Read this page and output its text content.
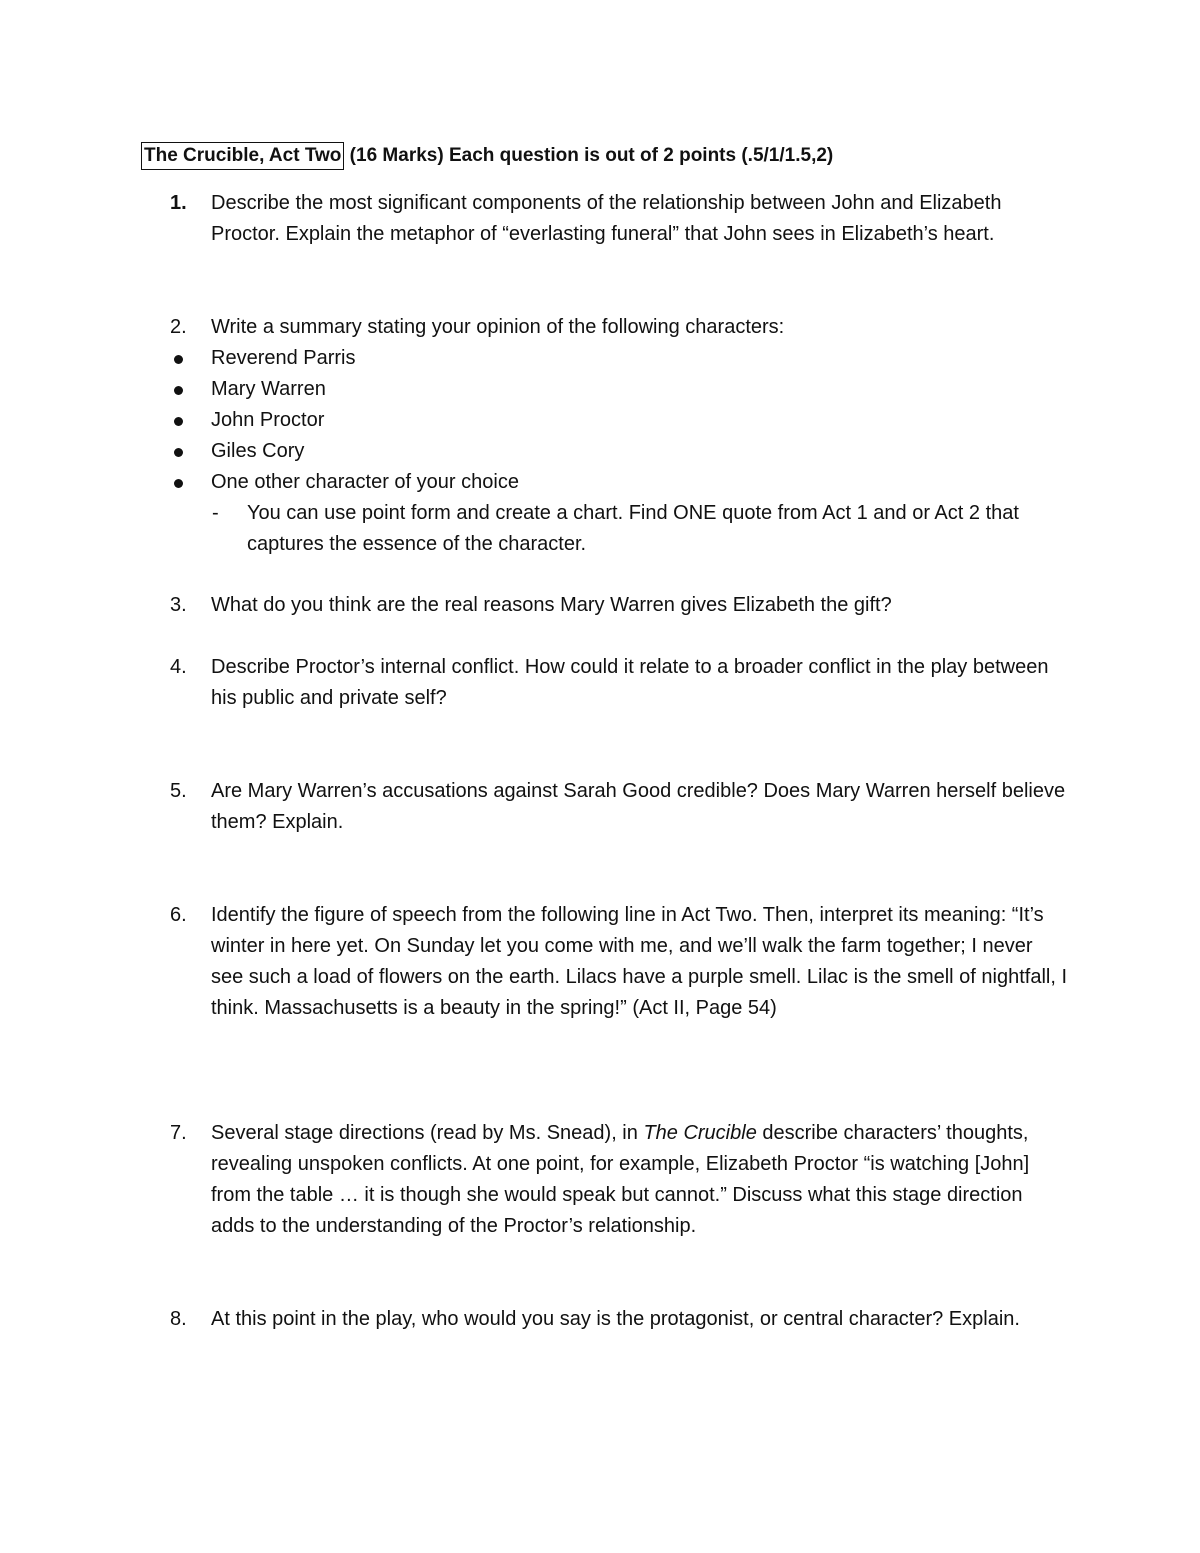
The Crucible, Act Two (16 Marks) Each question is out of 2 points (.5/1/1.5,2)
1.	Describe the most significant components of the relationship between John and Elizabeth Proctor. Explain the metaphor of “everlasting funeral” that John sees in Elizabeth’s heart.
2.	Write a summary stating your opinion of the following characters:
Reverend Parris
Mary Warren
John Proctor
Giles Cory
One other character of your choice
- You can use point form and create a chart. Find ONE quote from Act 1 and or Act 2 that captures the essence of the character.
3.	What do you think are the real reasons Mary Warren gives Elizabeth the gift?
4.	Describe Proctor’s internal conflict. How could it relate to a broader conflict in the play between his public and private self?
5.	Are Mary Warren’s accusations against Sarah Good credible? Does Mary Warren herself believe them? Explain.
6.	Identify the figure of speech from the following line in Act Two. Then, interpret its meaning: “It’s winter in here yet. On Sunday let you come with me, and we’ll walk the farm together; I never see such a load of flowers on the earth. Lilacs have a purple smell. Lilac is the smell of nightfall, I think. Massachusetts is a beauty in the spring!” (Act II, Page 54)
7.	Several stage directions (read by Ms. Snead), in The Crucible describe characters’ thoughts, revealing unspoken conflicts. At one point, for example, Elizabeth Proctor “is watching [John] from the table … it is though she would speak but cannot.” Discuss what this stage direction adds to the understanding of the Proctor’s relationship.
8.	At this point in the play, who would you say is the protagonist, or central character? Explain.
